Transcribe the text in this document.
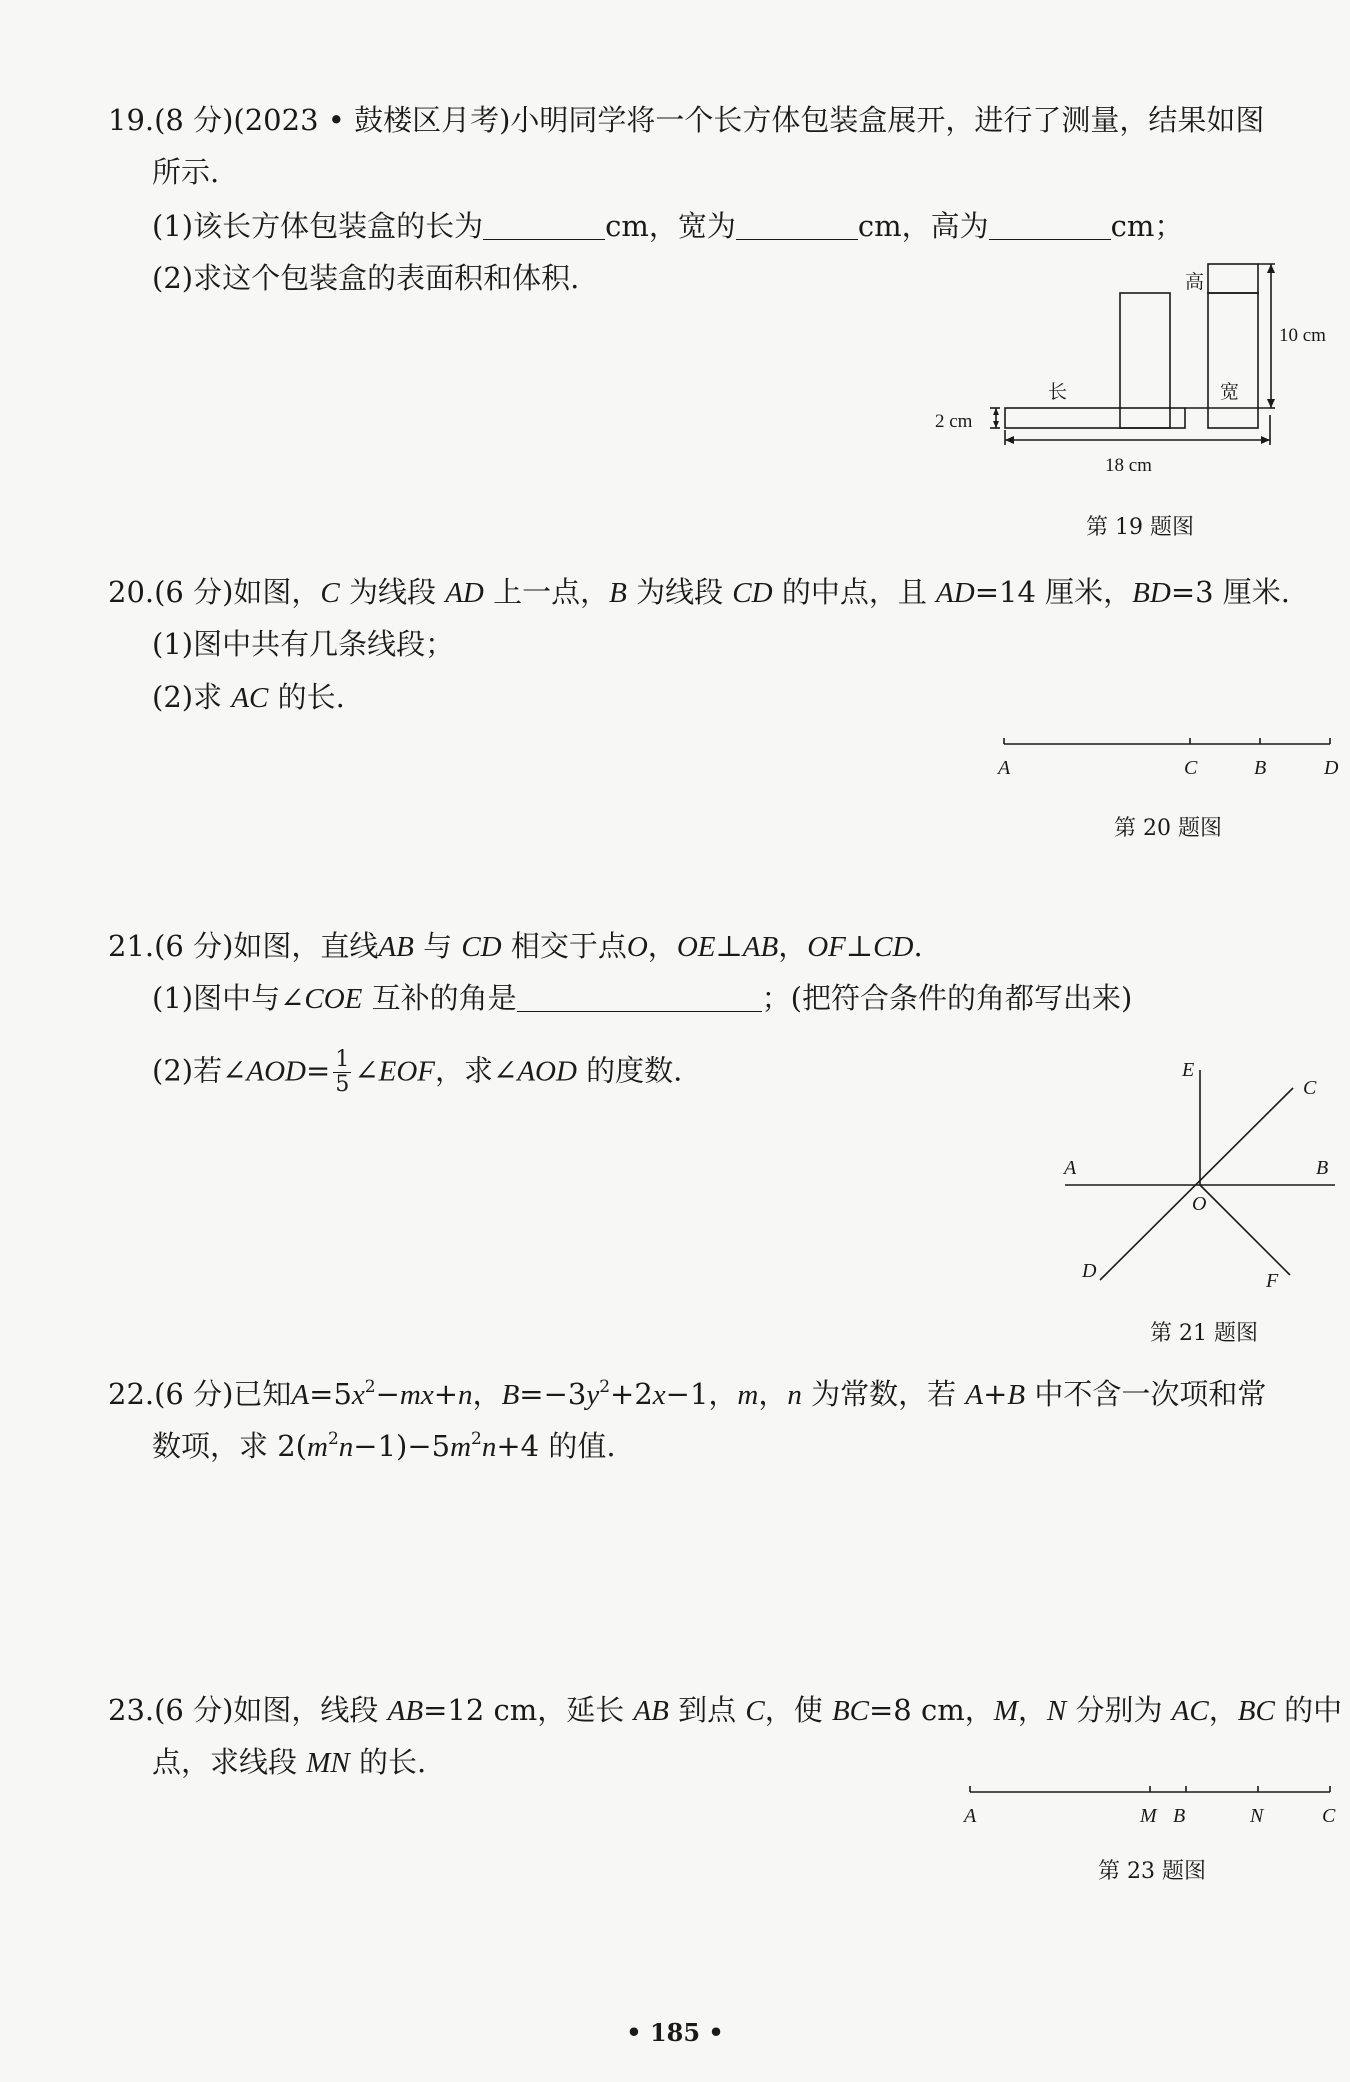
19.(8 分)(2023 • 鼓楼区月考)小明同学将一个长方体包装盒展开，进行了测量，结果如图
所示.
(1)该长方体包装盒的长为	cm，宽为	cm，高为	cm；
(2)求这个包装盒的表面积和体积.	高
长	宽
10 cm
2 cm
18 cm
第 19 题图
20.(6 分)如图，C 为线段 AD 上一点，B 为线段 CD 的中点，且 AD=14 厘米，BD=3 厘米.
(1)图中共有几条线段；
(2)求 AC 的长.
A	C	B	D
第 20 题图
21.(6 分)如图，直线AB 与 CD 相交于点O，OE⊥AB，OF⊥CD.
(1)图中与∠COE 互补的角是	；(把符合条件的角都写出来)
(2)若∠AOD= $\frac{1}{5}$ ∠EOF，求∠AOD 的度数.	E
C
A	B
O
D	F
第 21 题图
22.(6 分)已知$A=5x^2-mx+n$，$B=-3y^2+2x-1$，m，n 为常数，若 A+B 中不含一次项和常
数项，求 $2(m^2n-1)-5m^2n+4$ 的值.
23.(6 分)如图，线段 AB=12 cm，延长 AB 到点 C，使 BC=8 cm，M，N 分别为 AC，BC 的中
点，求线段 MN 的长.
A	M B	N	C
第 23 题图
• 185 •
